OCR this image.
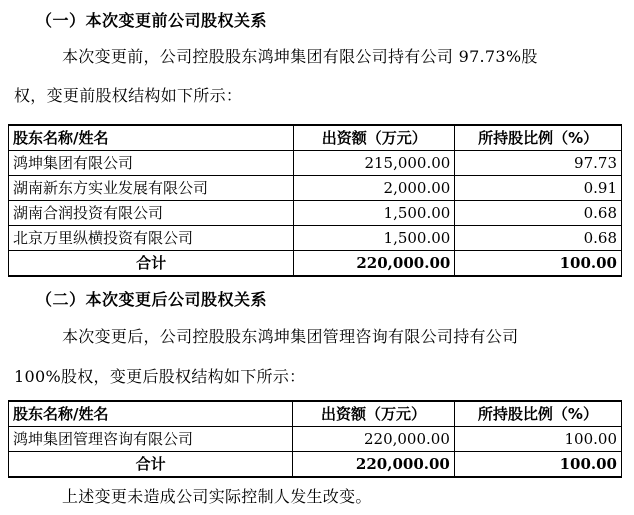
（一）本次变更前公司股权关系
本次变更前，公司控股股东鸿坤集团有限公司持有公司 97.73%股
权，变更前股权结构如下所示：
股东名称/姓名	出资额（万元）	所持股比例（%）
鸿坤集团有限公司	215,000.00	97.73
湖南新东方实业发展有限公司	2,000.00	0.91
湖南合润投资有限公司	1,500.00	0.68
北京万里纵横投资有限公司	1,500.00	0.68
合计	220,000.00	100.00
（二）本次变更后公司股权关系
本次变更后，公司控股股东鸿坤集团管理咨询有限公司持有公司
100%股权，变更后股权结构如下所示：
股东名称/姓名	出资额（万元）	所持股比例（%）
鸿坤集团管理咨询有限公司	220,000.00	100.00
合计	220,000.00	100.00
上述变更未造成公司实际控制人发生改变。
